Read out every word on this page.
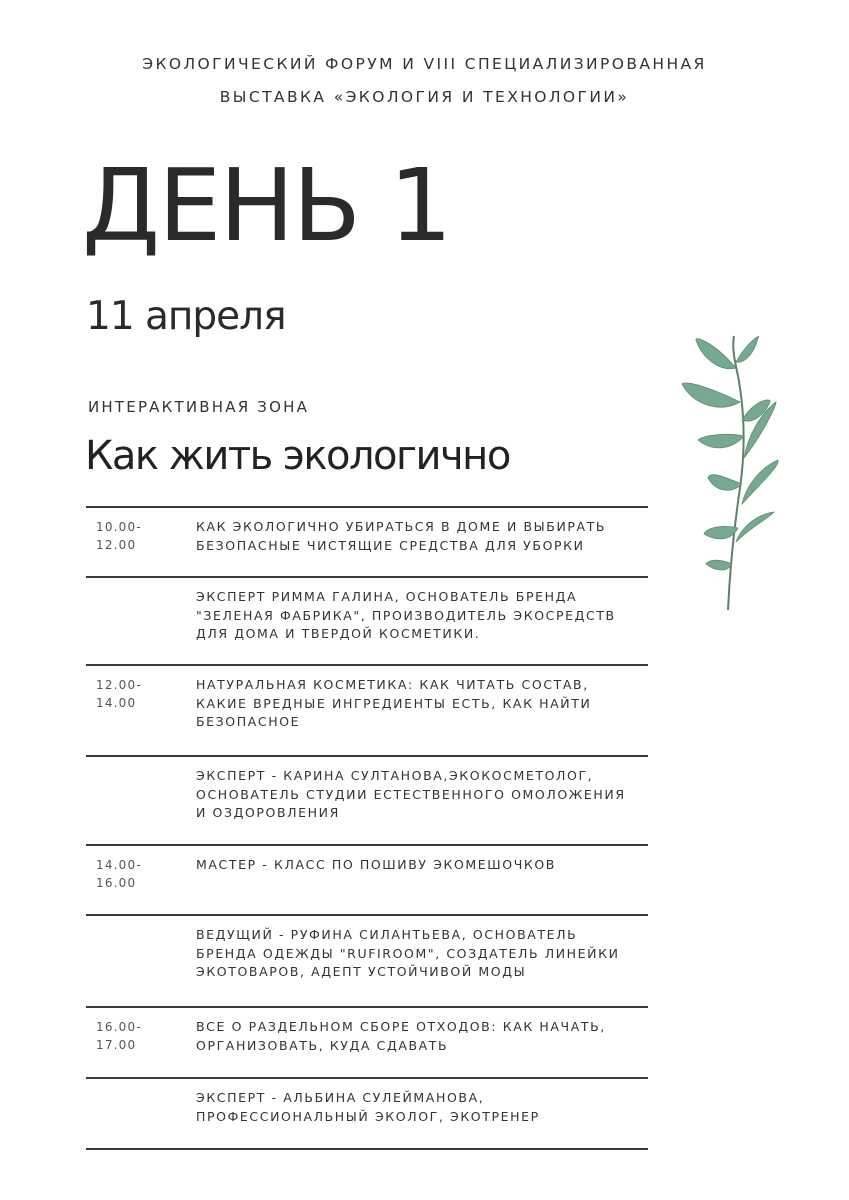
ЭКОЛОГИЧЕСКИЙ ФОРУМ И VIII СПЕЦИАЛИЗИРОВАННАЯ
ВЫСТАВКА «ЭКОЛОГИЯ И ТЕХНОЛОГИИ»
ДЕНЬ 1
11 апреля
ИНТЕРАКТИВНАЯ ЗОНА
Как жить экологично
10.00-
12.00
КАК ЭКОЛОГИЧНО УБИРАТЬСЯ В ДОМЕ И ВЫБИРАТЬ БЕЗОПАСНЫЕ ЧИСТЯЩИЕ СРЕДСТВА ДЛЯ УБОРКИ
ЭКСПЕРТ РИММА ГАЛИНА, ОСНОВАТЕЛЬ БРЕНДА "ЗЕЛЕНАЯ ФАБРИКА", ПРОИЗВОДИТЕЛЬ ЭКОСРЕДСТВ ДЛЯ ДОМА И ТВЕРДОЙ КОСМЕТИКИ.
12.00-
14.00
НАТУРАЛЬНАЯ КОСМЕТИКА: КАК ЧИТАТЬ СОСТАВ, КАКИЕ ВРЕДНЫЕ ИНГРЕДИЕНТЫ ЕСТЬ, КАК НАЙТИ БЕЗОПАСНОЕ
ЭКСПЕРТ - КАРИНА СУЛТАНОВА,ЭКОКОСМЕТОЛОГ, ОСНОВАТЕЛЬ СТУДИИ ЕСТЕСТВЕННОГО ОМОЛОЖЕНИЯ И ОЗДОРОВЛЕНИЯ
14.00-
16.00
МАСТЕР - КЛАСС ПО ПОШИВУ ЭКОМЕШОЧКОВ
ВЕДУЩИЙ - РУФИНА СИЛАНТЬЕВА, ОСНОВАТЕЛЬ БРЕНДА ОДЕЖДЫ "RUFIROOM", СОЗДАТЕЛЬ ЛИНЕЙКИ ЭКОТОВАРОВ, АДЕПТ УСТОЙЧИВОЙ МОДЫ
16.00-
17.00
ВСЕ О РАЗДЕЛЬНОМ СБОРЕ ОТХОДОВ: КАК НАЧАТЬ, ОРГАНИЗОВАТЬ, КУДА СДАВАТЬ
ЭКСПЕРТ - АЛЬБИНА СУЛЕЙМАНОВА, ПРОФЕССИОНАЛЬНЫЙ ЭКОЛОГ, ЭКОТРЕНЕР
